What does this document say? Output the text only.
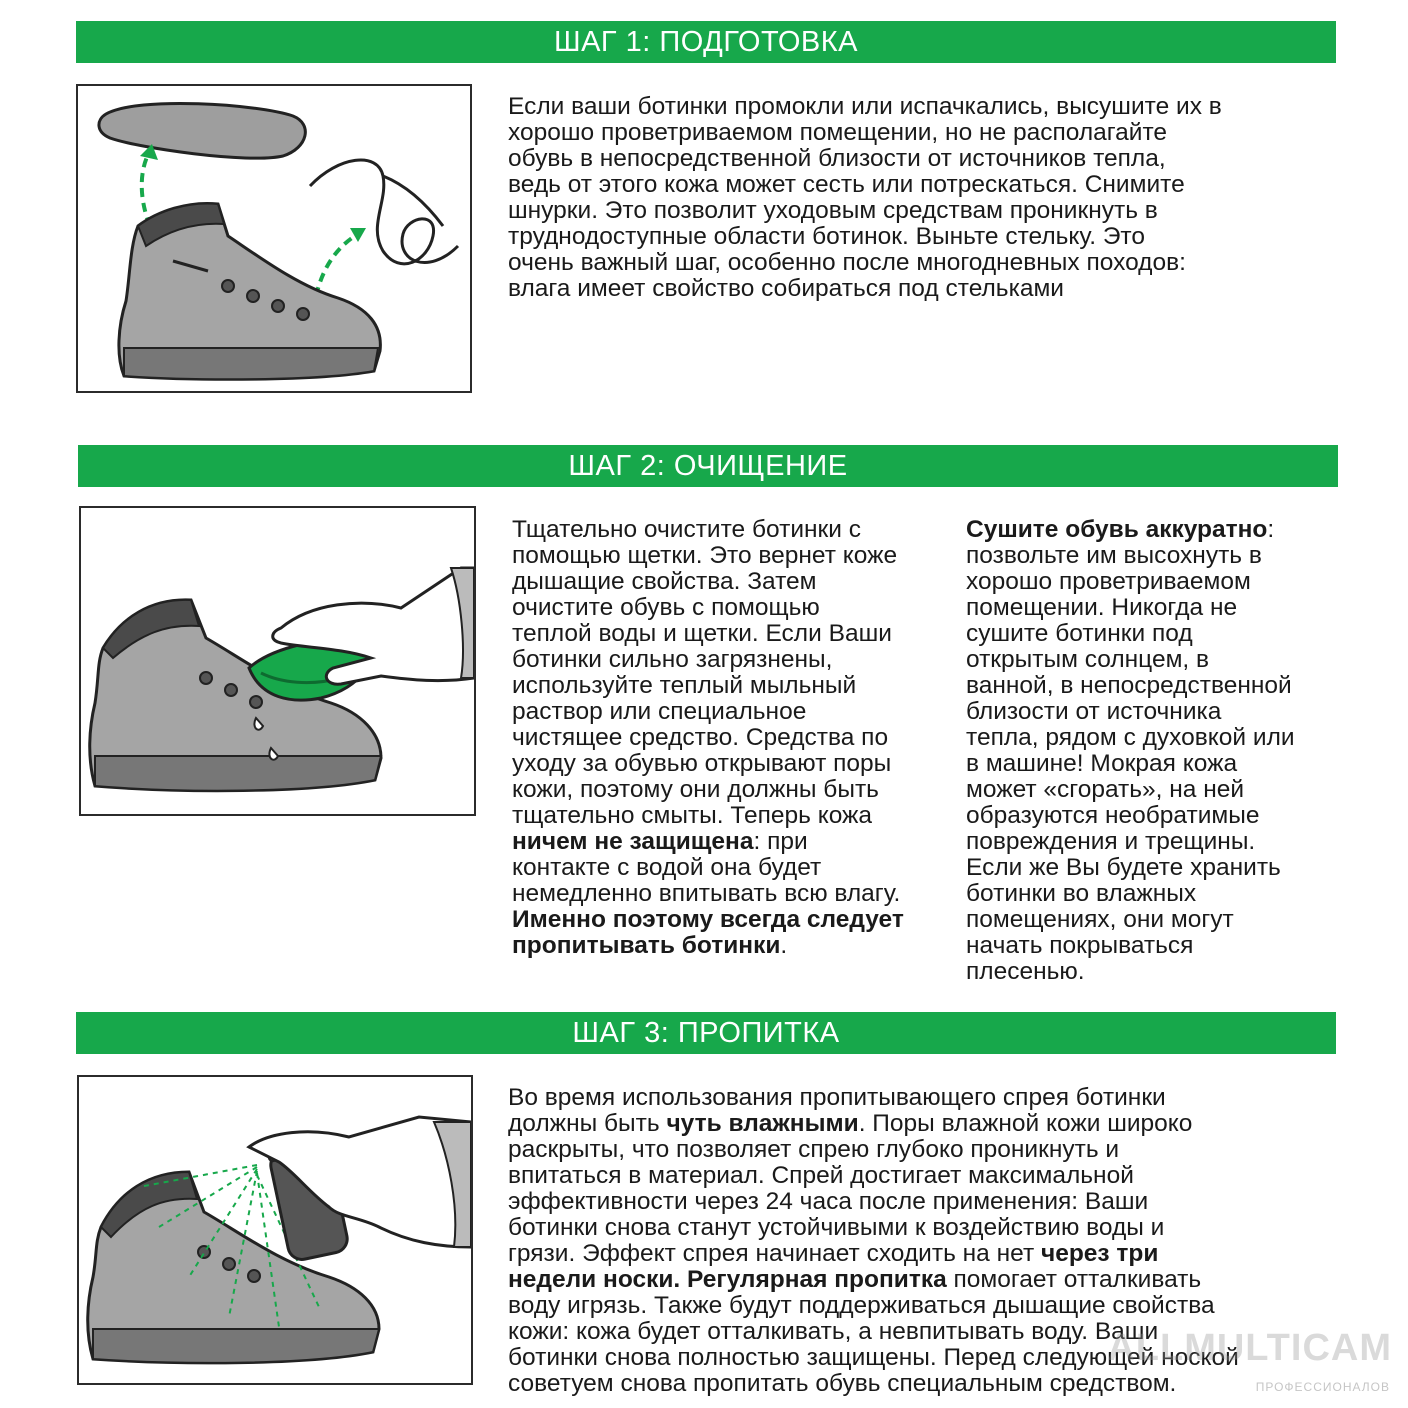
ШАГ 1: ПОДГОТОВКА
Если ваши ботинки промокли или испачкались, высушите их в
хорошо проветриваемом помещении, но не располагайте
обувь в непосредственной близости от источников тепла,
ведь от этого кожа может сесть или потрескаться. Снимите
шнурки. Это позволит уходовым средствам проникнуть в
труднодоступные области ботинок. Выньте стельку. Это
очень важный шаг, особенно после многодневных походов:
влага имеет свойство собираться под стельками
ШАГ 2: ОЧИЩЕНИЕ
Тщательно очистите ботинки с
помощью щетки. Это вернет коже
дышащие свойства. Затем
очистите обувь с помощью
теплой воды и щетки. Если Ваши
ботинки сильно загрязнены,
используйте теплый мыльный
раствор или специальное
чистящее средство. Средства по
уходу за обувью открывают поры
кожи, поэтому они должны быть
тщательно смыты. Теперь кожа
ничем не защищена: при
контакте с водой она будет
немедленно впитывать всю влагу.
Именно поэтому всегда следует
пропитывать ботинки.
Сушите обувь аккуратно:
позвольте им высохнуть в
хорошо проветриваемом
помещении. Никогда не
сушите ботинки под
открытым солнцем, в
ванной, в непосредственной
близости от источника
тепла, рядом с духовкой или
в машине! Мокрая кожа
может «сгорать», на ней
образуются необратимые
повреждения и трещины.
Если же Вы будете хранить
ботинки во влажных
помещениях, они могут
начать покрываться
плесенью.
ШАГ 3: ПРОПИТКА
Во время использования пропитывающего спрея ботинки
должны быть чуть влажными. Поры влажной кожи широко
раскрыты, что позволяет спрею глубоко проникнуть и
впитаться в материал. Спрей достигает максимальной
эффективности через 24 часа после применения: Ваши
ботинки снова станут устойчивыми к воздействию воды и
грязи. Эффект спрея начинает сходить на нет через три
недели носки. Регулярная пропитка помогает отталкивать
воду игрязь. Также будут поддерживаться дышащие свойства
кожи: кожа будет отталкивать, а невпитывать воду. Ваши
ботинки снова полностью защищены. Перед следующей ноской
советуем снова пропитать обувь специальным средством.
ALLMULTICAM
ПРОФЕССИОНАЛОВ
